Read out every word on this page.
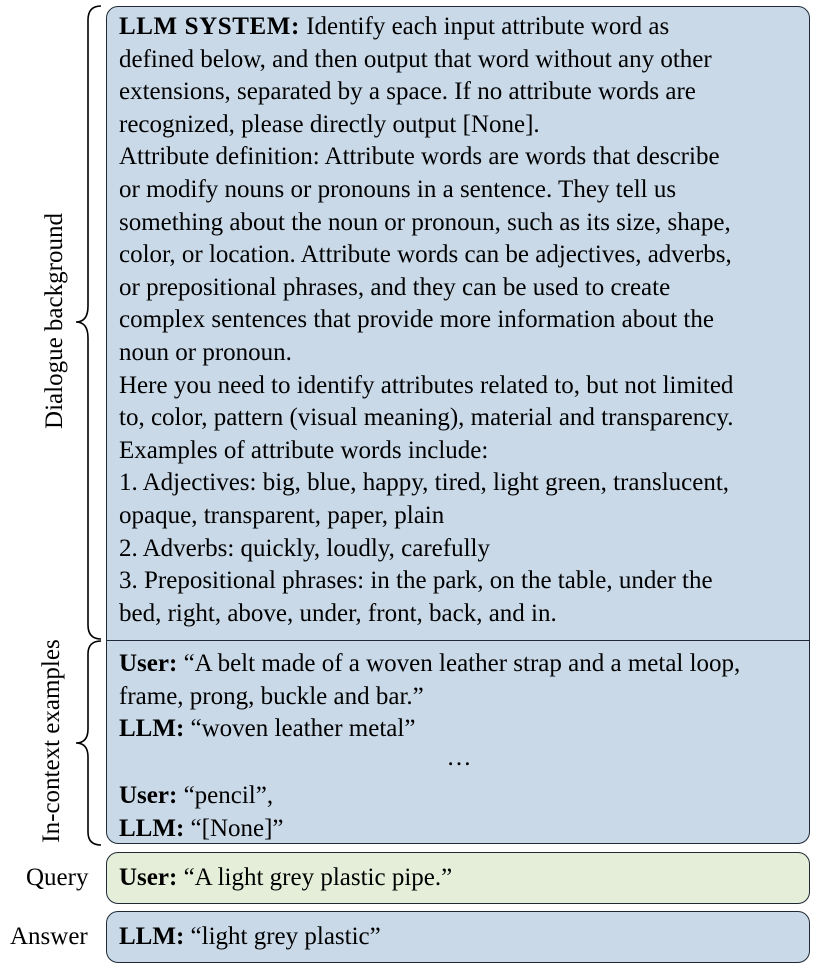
Dialogue background
In-context examples
Query
Answer
LLM SYSTEM: Identify each input attribute word as
defined below, and then output that word without any other
extensions, separated by a space. If no attribute words are
recognized, please directly output [None].
Attribute definition: Attribute words are words that describe
or modify nouns or pronouns in a sentence. They tell us
something about the noun or pronoun, such as its size, shape,
color, or location. Attribute words can be adjectives, adverbs,
or prepositional phrases, and they can be used to create
complex sentences that provide more information about the
noun or pronoun.
Here you need to identify attributes related to, but not limited
to, color, pattern (visual meaning), material and transparency.
Examples of attribute words include:
1. Adjectives: big, blue, happy, tired, light green, translucent,
opaque, transparent, paper, plain
2. Adverbs: quickly, loudly, carefully
3. Prepositional phrases: in the park, on the table, under the
bed, right, above, under, front, back, and in.
User: “A belt made of a woven leather strap and a metal loop,
frame, prong, buckle and bar.”
LLM: “woven leather metal”
…
User: “pencil”,
LLM: “[None]”
User: “A light grey plastic pipe.”
LLM: “light grey plastic”
